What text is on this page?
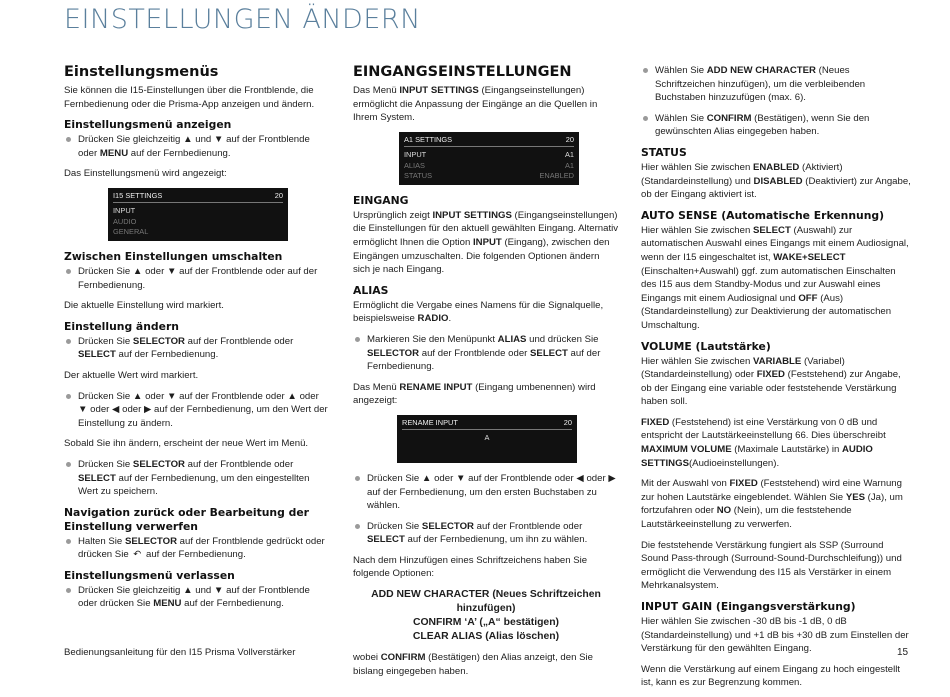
EINSTELLUNGEN ÄNDERN
Einstellungsmenüs

Sie können die I15-Einstellungen über die Frontblende, die Fernbedienung oder die Prisma-App anzeigen und ändern.

Einstellungsmenü anzeigen
Drücken Sie gleichzeitig ▲ und ▼ auf der Frontblende oder MENU auf der Fernbedienung.

Das Einstellungsmenü wird angezeigt:

I15 SETTINGS	20
INPUT
AUDIO
GENERAL
Zwischen Einstellungen umschalten
Drücken Sie ▲ oder ▼ auf der Frontblende oder auf der Fernbedienung.

Die aktuelle Einstellung wird markiert.

Einstellung ändern
Drücken Sie SELECTOR auf der Frontblende oder SELECT auf der Fernbedienung.

Der aktuelle Wert wird markiert.

Drücken Sie ▲ oder ▼ auf der Frontblende oder ▲ oder ▼ oder ◀ oder ▶ auf der Fernbedienung, um den Wert der Einstellung zu ändern.

Sobald Sie ihn ändern, erscheint der neue Wert im Menü.

Drücken Sie SELECTOR auf der Frontblende oder SELECT auf der Fernbedienung, um den eingestellten Wert zu speichern.
Navigation zurück oder Bearbeitung der Einstellung verwerfen
Halten Sie SELECTOR auf der Frontblende gedrückt oder drücken Sie ↶ auf der Fernbedienung.
Einstellungsmenü verlassen
Drücken Sie gleichzeitig ▲ und ▼ auf der Frontblende oder drücken Sie MENU auf der Fernbedienung.
EINGANGSEINSTELLUNGEN

Das Menü INPUT SETTINGS (Eingangseinstellungen) ermöglicht die Anpassung der Eingänge an die Quellen in Ihrem System.

A1 SETTINGS	20
INPUT	A1
ALIAS	A1
STATUS	ENABLED
EINGANG

Ursprünglich zeigt INPUT SETTINGS (Eingangseinstellungen) die Einstellungen für den aktuell gewählten Eingang. Alternativ ermöglicht Ihnen die Option INPUT (Eingang), zwischen den Eingängen umzuschalten. Die folgenden Optionen ändern sich je nach Eingang.

ALIAS

Ermöglicht die Vergabe eines Namens für die Signalquelle, beispielsweise RADIO.

Markieren Sie den Menüpunkt ALIAS und drücken Sie SELECTOR auf der Frontblende oder SELECT auf der Fernbedienung.

Das Menü RENAME INPUT (Eingang umbenennen) wird angezeigt:

RENAME INPUT	20
A
Drücken Sie ▲ oder ▼ auf der Frontblende oder ◀ oder ▶ auf der Fernbedienung, um den ersten Buchstaben zu wählen.
Drücken Sie SELECTOR auf der Frontblende oder SELECT auf der Fernbedienung, um ihn zu wählen.

Nach dem Hinzufügen eines Schriftzeichens haben Sie folgende Optionen:

ADD NEW CHARACTER (Neues Schriftzeichen hinzufügen)
CONFIRM ‘A’ („A“ bestätigen)
CLEAR ALIAS (Alias löschen)

wobei CONFIRM (Bestätigen) den Alias anzeigt, den Sie bislang eingegeben haben.

Wählen Sie ADD NEW CHARACTER (Neues Schriftzeichen hinzufügen), um die verbleibenden Buchstaben hinzuzufügen (max. 6).
Wählen Sie CONFIRM (Bestätigen), wenn Sie den gewünschten Alias eingegeben haben.
STATUS

Hier wählen Sie zwischen ENABLED (Aktiviert) (Standardeinstellung) und DISABLED (Deaktiviert) zur Angabe, ob der Eingang aktiviert ist.

AUTO SENSE (Automatische Erkennung)

Hier wählen Sie zwischen SELECT (Auswahl) zur automatischen Auswahl eines Eingangs mit einem Audiosignal, wenn der I15 eingeschaltet ist, WAKE+SELECT (Einschalten+Auswahl) ggf. zum automatischen Einschalten des I15 aus dem Standby-Modus und zur Auswahl eines Eingangs mit einem Audiosignal und OFF (Aus) (Standardeinstellung) zur Deaktivierung der automatischen Umschaltung.

VOLUME (Lautstärke)

Hier wählen Sie zwischen VARIABLE (Variabel) (Standardeinstellung) oder FIXED (Feststehend) zur Angabe, ob der Eingang eine variable oder feststehende Verstärkung haben soll.

FIXED (Feststehend) ist eine Verstärkung von 0 dB und entspricht der Lautstärkeeinstellung 66. Dies überschreibt MAXIMUM VOLUME (Maximale Lautstärke) in AUDIO SETTINGS(Audioeinstellungen).

Mit der Auswahl von FIXED (Feststehend) wird eine Warnung zur hohen Lautstärke eingeblendet. Wählen Sie YES (Ja), um fortzufahren oder NO (Nein), um die feststehende Lautstärkeeinstellung zu verwerfen.

Die feststehende Verstärkung fungiert als SSP (Surround Sound Pass-through (Surround-Sound-Durchschleifung)) und ermöglicht die Verwendung des I15 als Verstärker in einem Mehrkanalsystem.

INPUT GAIN (Eingangsverstärkung)

Hier wählen Sie zwischen -30 dB bis -1 dB, 0 dB (Standardeinstellung) und +1 dB bis +30 dB zum Einstellen der Verstärkung für den gewählten Eingang.

Wenn die Verstärkung auf einem Eingang zu hoch eingestellt ist, kann es zur Begrenzung kommen.

Bedienungsanleitung für den I15 Prisma Vollverstärker	15
